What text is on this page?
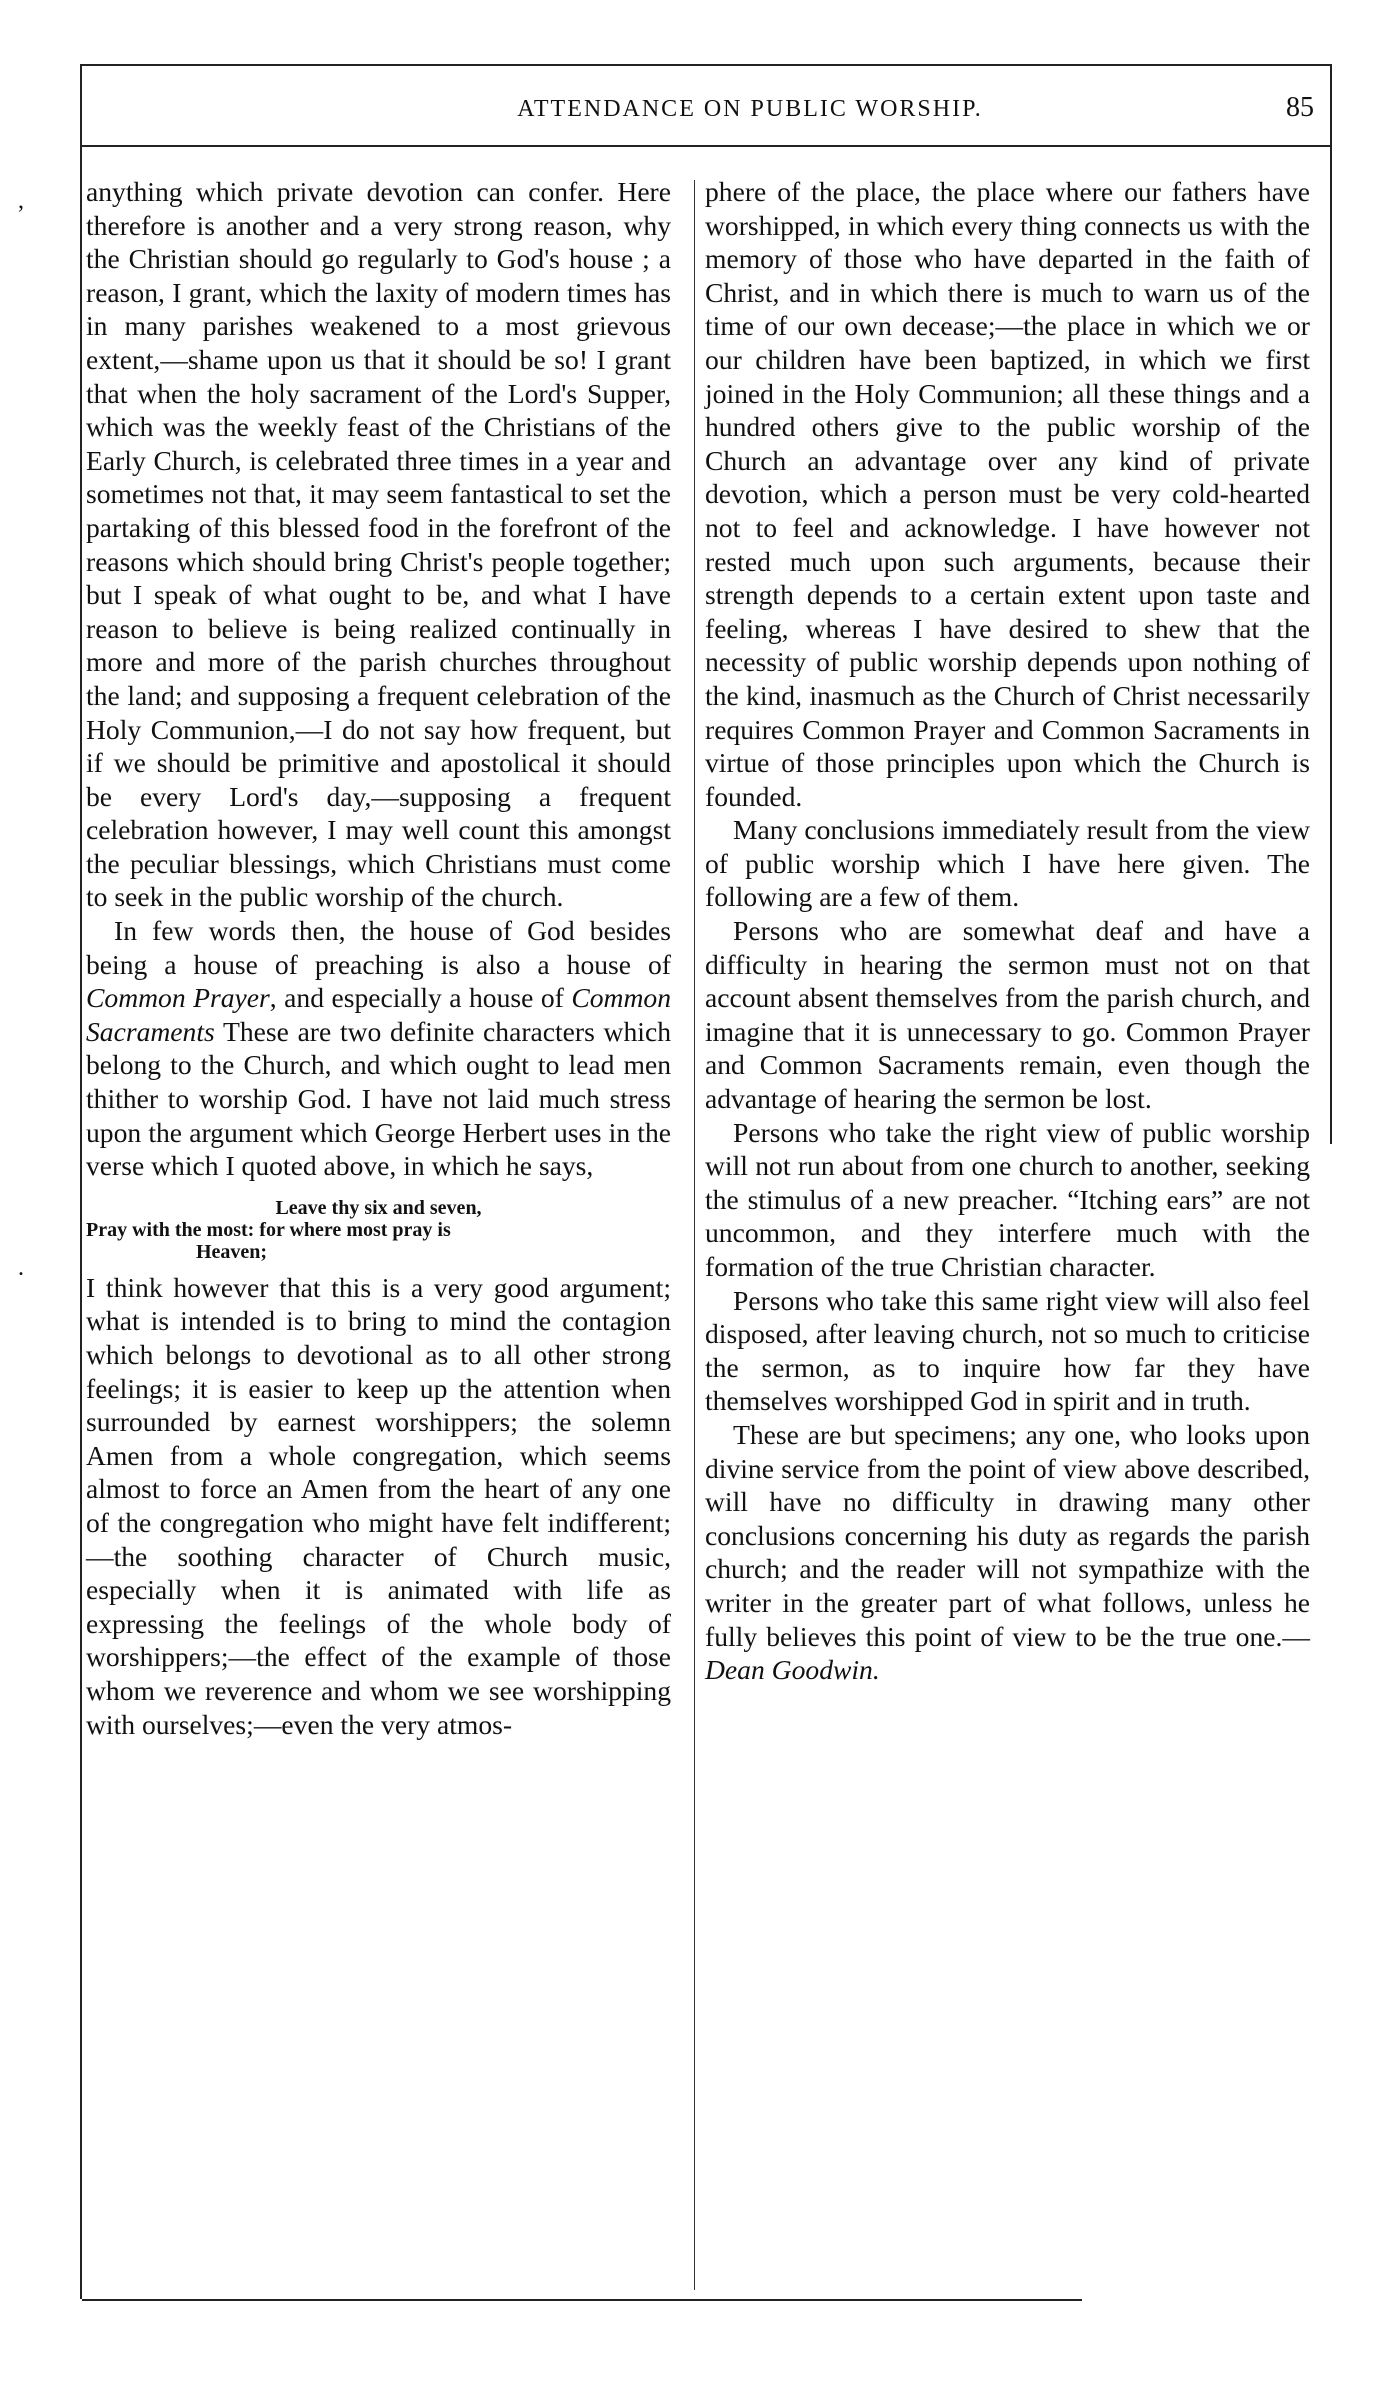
ATTENDANCE ON PUBLIC WORSHIP.	85
,
.

anything which private devotion can confer. Here therefore is another and a very strong reason, why the Christian should go regularly to God's house ; a reason, I grant, which the laxity of modern times has in many parishes weakened to a most grievous extent,—shame upon us that it should be so! I grant that when the holy sacrament of the Lord's Supper, which was the weekly feast of the Christians of the Early Church, is celebrated three times in a year and sometimes not that, it may seem fantastical to set the partaking of this blessed food in the forefront of the reasons which should bring Christ's people together; but I speak of what ought to be, and what I have reason to believe is being realized continually in more and more of the parish churches throughout the land; and supposing a frequent celebration of the Holy Communion,—I do not say how frequent, but if we should be primitive and apostolical it should be every Lord's day,—supposing a frequent celebration however, I may well count this amongst the peculiar blessings, which Christians must come to seek in the public worship of the church.

In few words then, the house of God besides being a house of preaching is also a house of Common Prayer, and especially a house of Common Sacraments These are two definite characters which belong to the Church, and which ought to lead men thither to worship God. I have not laid much stress upon the argument which George Herbert uses in the verse which I quoted above, in which he says,

Leave thy six and seven,
Pray with the most: for where most pray is
Heaven;

I think however that this is a very good argument; what is intended is to bring to mind the contagion which belongs to devotional as to all other strong feelings; it is easier to keep up the attention when surrounded by earnest worshippers; the solemn Amen from a whole congregation, which seems almost to force an Amen from the heart of any one of the congregation who might have felt indifferent;—the soothing character of Church music, especially when it is animated with life as expressing the feelings of the whole body of worshippers;—the effect of the example of those whom we reverence and whom we see worshipping with ourselves;—even the very atmos-

phere of the place, the place where our fathers have worshipped, in which every thing connects us with the memory of those who have departed in the faith of Christ, and in which there is much to warn us of the time of our own decease;—the place in which we or our children have been baptized, in which we first joined in the Holy Communion; all these things and a hundred others give to the public worship of the Church an advantage over any kind of private devotion, which a person must be very cold-hearted not to feel and acknowledge. I have however not rested much upon such arguments, because their strength depends to a certain extent upon taste and feeling, whereas I have desired to shew that the necessity of public worship depends upon nothing of the kind, inasmuch as the Church of Christ necessarily requires Common Prayer and Common Sacraments in virtue of those principles upon which the Church is founded.

Many conclusions immediately result from the view of public worship which I have here given. The following are a few of them.

Persons who are somewhat deaf and have a difficulty in hearing the sermon must not on that account absent themselves from the parish church, and imagine that it is unnecessary to go. Common Prayer and Common Sacraments remain, even though the advantage of hearing the sermon be lost.

Persons who take the right view of public worship will not run about from one church to another, seeking the stimulus of a new preacher. “Itching ears” are not uncommon, and they interfere much with the formation of the true Christian character.

Persons who take this same right view will also feel disposed, after leaving church, not so much to criticise the sermon, as to inquire how far they have themselves worshipped God in spirit and in truth.

These are but specimens; any one, who looks upon divine service from the point of view above described, will have no difficulty in drawing many other conclusions concerning his duty as regards the parish church; and the reader will not sympathize with the writer in the greater part of what follows, unless he fully believes this point of view to be the true one.—Dean Goodwin.
